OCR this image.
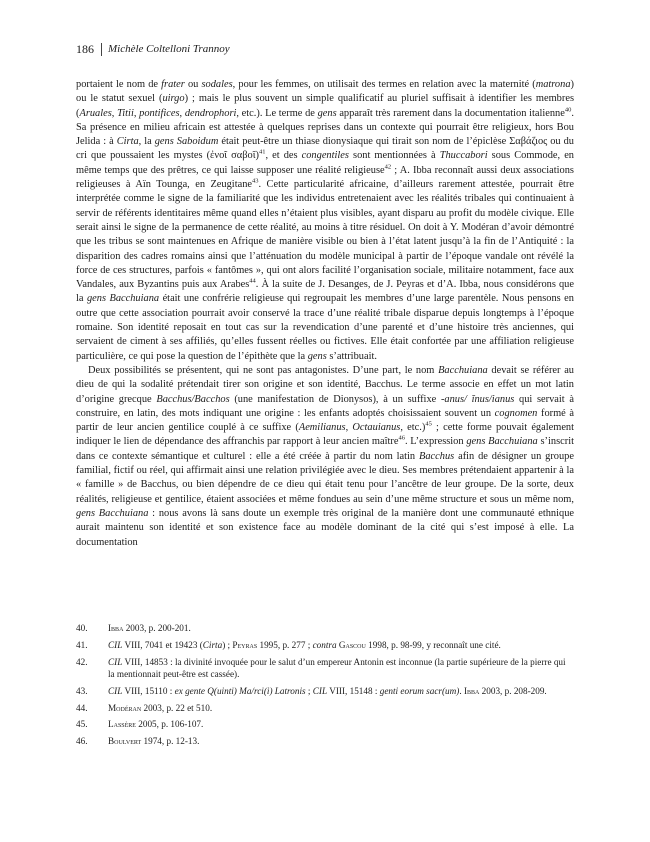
186 Michèle Coltelloni Trannoy

portaient le nom de frater ou sodales, pour les femmes, on utilisait des termes en relation avec la maternité (matrona) ou le statut sexuel (uirgo) ; mais le plus souvent un simple qualificatif au pluriel suffisait à identifier les membres (Aruales, Titii, pontifices, dendrophori, etc.). Le terme de gens apparaît très rarement dans la documentation italienne$^{40}$. Sa présence en milieu africain est attestée à quelques reprises dans un contexte qui pourrait être religieux, hors Bou Jelida : à Cirta, la gens Saboidum était peut-être un thiase dionysiaque qui tirait son nom de l’épiclèse Σαβάζιος ou du cri que poussaient les mystes (ἐνοῖ σαβοῖ)$^{41}$, et des congentiles sont mentionnées à Thuccabori sous Commode, en même temps que des prêtres, ce qui laisse supposer une réalité religieuse$^{42}$ ; A. Ibba reconnaît aussi deux associations religieuses à Aïn Tounga, en Zeugitane$^{43}$. Cette particularité africaine, d’ailleurs rarement attestée, pourrait être interprétée comme le signe de la familiarité que les individus entretenaient avec les réalités tribales qui continuaient à servir de référents identitaires même quand elles n’étaient plus visibles, ayant disparu au profit du modèle civique. Elle serait ainsi le signe de la permanence de cette réalité, au moins à titre résiduel. On doit à Y. Modéran d’avoir démontré que les tribus se sont maintenues en Afrique de manière visible ou bien à l’état latent jusqu’à la fin de l’Antiquité : la disparition des cadres romains ainsi que l’atténuation du modèle municipal à partir de l’époque vandale ont révélé la force de ces structures, parfois « fantômes », qui ont alors facilité l’organisation sociale, militaire notamment, face aux Vandales, aux Byzantins puis aux Arabes$^{44}$. À la suite de J. Desanges, de J. Peyras et d’A. Ibba, nous considérons que la gens Bacchuiana était une confrérie religieuse qui regroupait les membres d’une large parentèle. Nous pensons en outre que cette association pourrait avoir conservé la trace d’une réalité tribale disparue depuis longtemps à l’époque romaine. Son identité reposait en tout cas sur la revendication d’une parenté et d’une histoire très anciennes, qui servaient de ciment à ses affiliés, qu’elles fussent réelles ou fictives. Elle était confortée par une affiliation religieuse particulière, ce qui pose la question de l’épithète que la gens s’attribuait.

Deux possibilités se présentent, qui ne sont pas antagonistes. D’une part, le nom Bacchuiana devait se référer au dieu de qui la sodalité prétendait tirer son origine et son identité, Bacchus. Le terme associe en effet un mot latin d’origine grecque Bacchus/Bacchos (une manifestation de Dionysos), à un suffixe -anus/ ĭnus/ianus qui servait à construire, en latin, des mots indiquant une origine : les enfants adoptés choisissaient souvent un cognomen formé à partir de leur ancien gentilice couplé à ce suffixe (Aemilianus, Octauianus, etc.)$^{45}$ ; cette forme pouvait également indiquer le lien de dépendance des affranchis par rapport à leur ancien maître$^{46}$. L’expression gens Bacchuiana s’inscrit dans ce contexte sémantique et culturel : elle a été créée à partir du nom latin Bacchus afin de désigner un groupe familial, fictif ou réel, qui affirmait ainsi une relation privilégiée avec le dieu. Ses membres prétendaient appartenir à la « famille » de Bacchus, ou bien dépendre de ce dieu qui était tenu pour l’ancêtre de leur groupe. De la sorte, deux réalités, religieuse et gentilice, étaient associées et même fondues au sein d’une même structure et sous un même nom, gens Bacchuiana : nous avons là sans doute un exemple très original de la manière dont une communauté ethnique aurait maintenu son identité et son existence face au modèle dominant de la cité qui s’est imposé à elle. La documentation

40.	Ibba 2003, p. 200-201.
41.	CIL VIII, 7041 et 19423 (Cirta) ; Peyras 1995, p. 277 ; contra Gascou 1998, p. 98-99, y reconnaît une cité.
42.	CIL VIII, 14853 : la divinité invoquée pour le salut d’un empereur Antonin est inconnue (la partie supérieure de la pierre qui la mentionnait peut-être est cassée).
43.	CIL VIII, 15110 : ex gente Q(uinti) Ma/rci(i) Latronis ; CIL VIII, 15148 : genti eorum sacr(um). Ibba 2003, p. 208-209.
44.	Modéran 2003, p. 22 et 510.
45.	Lassère 2005, p. 106-107.
46.	Boulvert 1974, p. 12-13.
